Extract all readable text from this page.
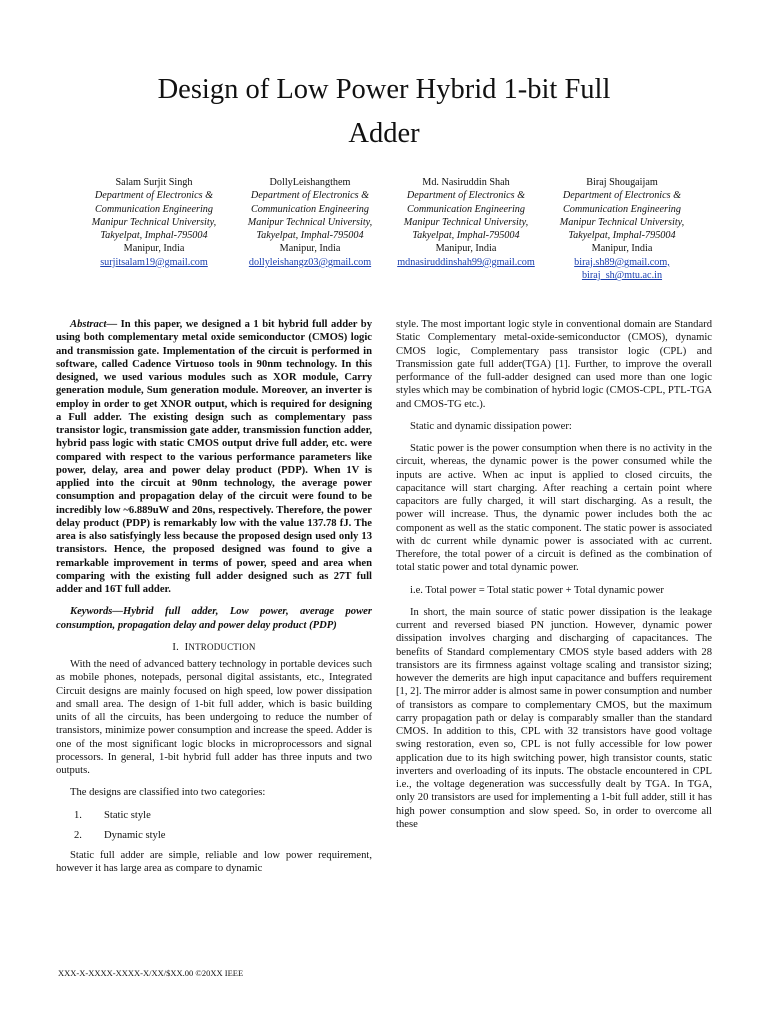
Design of Low Power Hybrid 1-bit Full
Adder
Salam Surjit Singh
Department of Electronics &
Communication Engineering
Manipur Technical University,
Takyelpat, Imphal-795004
Manipur, India
surjitsalam19@gmail.com
DollyLeishangthem
Department of Electronics &
Communication Engineering
Manipur Technical University,
Takyelpat, Imphal-795004
Manipur, India
dollyleishangz03@gmail.com
Md. Nasiruddin Shah
Department of Electronics &
Communication Engineering
Manipur Technical University,
Takyelpat, Imphal-795004
Manipur, India
mdnasiruddinshah99@gmail.com
Biraj Shougaijam
Department of Electronics &
Communication Engineering
Manipur Technical University,
Takyelpat, Imphal-795004
Manipur, India
biraj.sh89@gmail.com,
biraj_sh@mtu.ac.in

Abstract— In this paper, we designed a 1 bit hybrid full adder by using both complementary metal oxide semiconductor (CMOS) logic and transmission gate. Implementation of the circuit is performed in software, called Cadence Virtuoso tools in 90nm technology. In this designed, we used various modules such as XOR module, Carry generation module, Sum generation module. Moreover, an inverter is employ in order to get XNOR output, which is required for designing a Full adder. The existing design such as complementary pass transistor logic, transmission gate adder, transmission function adder, hybrid pass logic with static CMOS output drive full adder, etc. were compared with respect to the various performance parameters like power, delay, area and power delay product (PDP). When 1V is applied into the circuit at 90nm technology, the average power consumption and propagation delay of the circuit were found to be incredibly low ~6.889uW and 20ns, respectively. Therefore, the power delay product (PDP) is remarkably low with the value 137.78 fJ. The area is also satisfyingly less because the proposed design used only 13 transistors. Hence, the proposed designed was found to give a remarkable improvement in terms of power, speed and area when comparing with the existing full adder designed such as 27T full adder and 16T full adder.

Keywords—Hybrid full adder, Low power, average power consumption, propagation delay and power delay product (PDP)

I. INTRODUCTION

With the need of advanced battery technology in portable devices such as mobile phones, notepads, personal digital assistants, etc., Integrated Circuit designs are mainly focused on high speed, low power dissipation and small area. The design of 1-bit full adder, which is basic building units of all the circuits, has been undergoing to reduce the number of transistors, minimize power consumption and increase the speed. Adder is one of the most significant logic blocks in microprocessors and signal processors. In general, 1-bit hybrid full adder has three inputs and two outputs.

The designs are classified into two categories:

1.	Static style
2.	Dynamic style

Static full adder are simple, reliable and low power requirement, however it has large area as compare to dynamic

style. The most important logic style in conventional domain are Standard Static Complementary metal-oxide-semiconductor (CMOS), dynamic CMOS logic, Complementary pass transistor logic (CPL) and Transmission gate full adder(TGA) [1]. Further, to improve the overall performance of the full-adder designed can used more than one logic styles which may be combination of hybrid logic (CMOS-CPL, PTL-TGA and CMOS-TG etc.).

Static and dynamic dissipation power:

Static power is the power consumption when there is no activity in the circuit, whereas, the dynamic power is the power consumed while the inputs are active. When ac input is applied to closed circuits, the capacitance will start charging. After reaching a certain point where capacitors are fully charged, it will start discharging. As a result, the power will increase. Thus, the dynamic power includes both the ac component as well as the static component. The static power is associated with dc current while dynamic power is associated with ac current. Therefore, the total power of a circuit is defined as the combination of total static power and total dynamic power.

i.e. Total power = Total static power + Total dynamic power

In short, the main source of static power dissipation is the leakage current and reversed biased PN junction. However, dynamic power dissipation involves charging and discharging of capacitances. The benefits of Standard complementary CMOS style based adders with 28 transistors are its firmness against voltage scaling and transistor sizing; however the demerits are high input capacitance and buffers requirement [1, 2]. The mirror adder is almost same in power consumption and number of transistors as compare to complementary CMOS, but the maximum carry propagation path or delay is comparably smaller than the standard CMOS. In addition to this, CPL with 32 transistors have good voltage swing restoration, even so, CPL is not fully accessible for low power application due to its high switching power, high transistor counts, static inverters and overloading of its inputs. The obstacle encountered in CPL i.e., the voltage degeneration was successfully dealt by TGA. In TGA, only 20 transistors are used for implementing a 1-bit full adder, still it has high power consumption and slow speed. So, in order to overcome all these

XXX-X-XXXX-XXXX-X/XX/$XX.00 ©20XX IEEE
